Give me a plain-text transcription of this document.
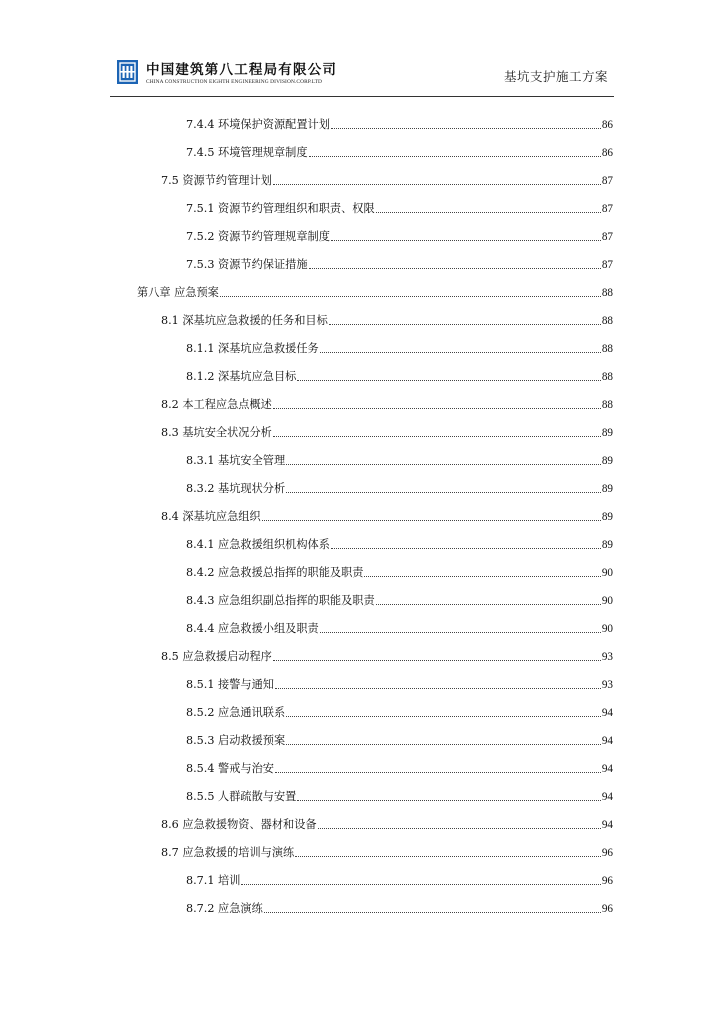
中国建筑第八工程局有限公司
CHINA CONSTRUCTION EIGHTH ENGINEERING DIVISION.CORP.LTD	基坑支护施工方案
7.4.4 环境保护资源配置计划	86
7.4.5 环境管理规章制度	86
7.5 资源节约管理计划	87
7.5.1 资源节约管理组织和职责、权限	87
7.5.2 资源节约管理规章制度	87
7.5.3 资源节约保证措施	87
第八章 应急预案	88
8.1 深基坑应急救援的任务和目标	88
8.1.1 深基坑应急救援任务	88
8.1.2 深基坑应急目标	88
8.2 本工程应急点概述	88
8.3 基坑安全状况分析	89
8.3.1 基坑安全管理	89
8.3.2 基坑现状分析	89
8.4 深基坑应急组织	89
8.4.1 应急救援组织机构体系	89
8.4.2 应急救援总指挥的职能及职责	90
8.4.3 应急组织副总指挥的职能及职责	90
8.4.4 应急救援小组及职责	90
8.5 应急救援启动程序	93
8.5.1 接警与通知	93
8.5.2 应急通讯联系	94
8.5.3 启动救援预案	94
8.5.4 警戒与治安	94
8.5.5 人群疏散与安置	94
8.6 应急救援物资、器材和设备	94
8.7 应急救援的培训与演练	96
8.7.1 培训	96
8.7.2 应急演练	96
